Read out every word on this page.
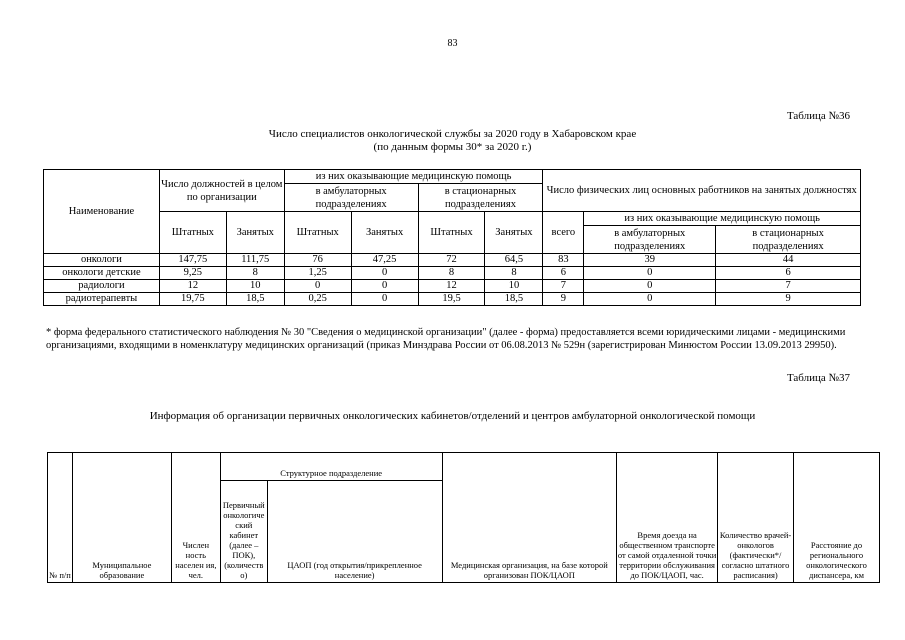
83
Таблица №36
Число специалистов онкологической службы за 2020 году в Хабаровском крае
(по данным формы 30* за 2020 г.)
Наименование	Число должностей в целом по организации		из них оказывающие медицинскую помощь				Число физических лиц основных работников на занятых должностях		
			в амбулаторных подразделениях		в стационарных подразделениях				
	Штатных	Занятых	Штатных	Занятых	Штатных	Занятых	всего	из них оказывающие медицинскую помощь	
								в амбулаторных подразделениях	в стационарных подразделениях
онкологи	147,75	111,75	76	47,25	72	64,5	83	39	44
онкологи детские	9,25	8	1,25	0	8	8	6	0	6
радиологи	12	10	0	0	12	10	7	0	7
радиотерапевты	19,75	18,5	0,25	0	19,5	18,5	9	0	9
* форма федерального статистического наблюдения № 30 "Сведения о медицинской организации" (далее - форма) предоставляется всеми юридическими лицами - медицинскими организациями, входящими в номенклатуру медицинских организаций (приказ Минздрава России от 06.08.2013 № 529н (зарегистрирован Минюстом России 13.09.2013 29950).
Таблица №37
Информация об организации первичных онкологических кабинетов/отделений и центров амбулаторной онкологической помощи
№ п/п	Муниципальное образование	Числен ность населен ия, чел.	Структурное подразделение		Медицинская организация, на базе которой организован ПОК/ЦАОП	Время доезда на общественном транспорте от самой отдаленной точки территории обслуживания до ПОК/ЦАОП, час.	Количество врачей-онкологов (фактически*/ согласно штатного расписания)	Расстояние до регионального онкологического диспансера, км
			Первичный онкологиче ский кабинет (далее – ПОК), (количеств о)	ЦАОП (год открытия/прикрепленное население)				
